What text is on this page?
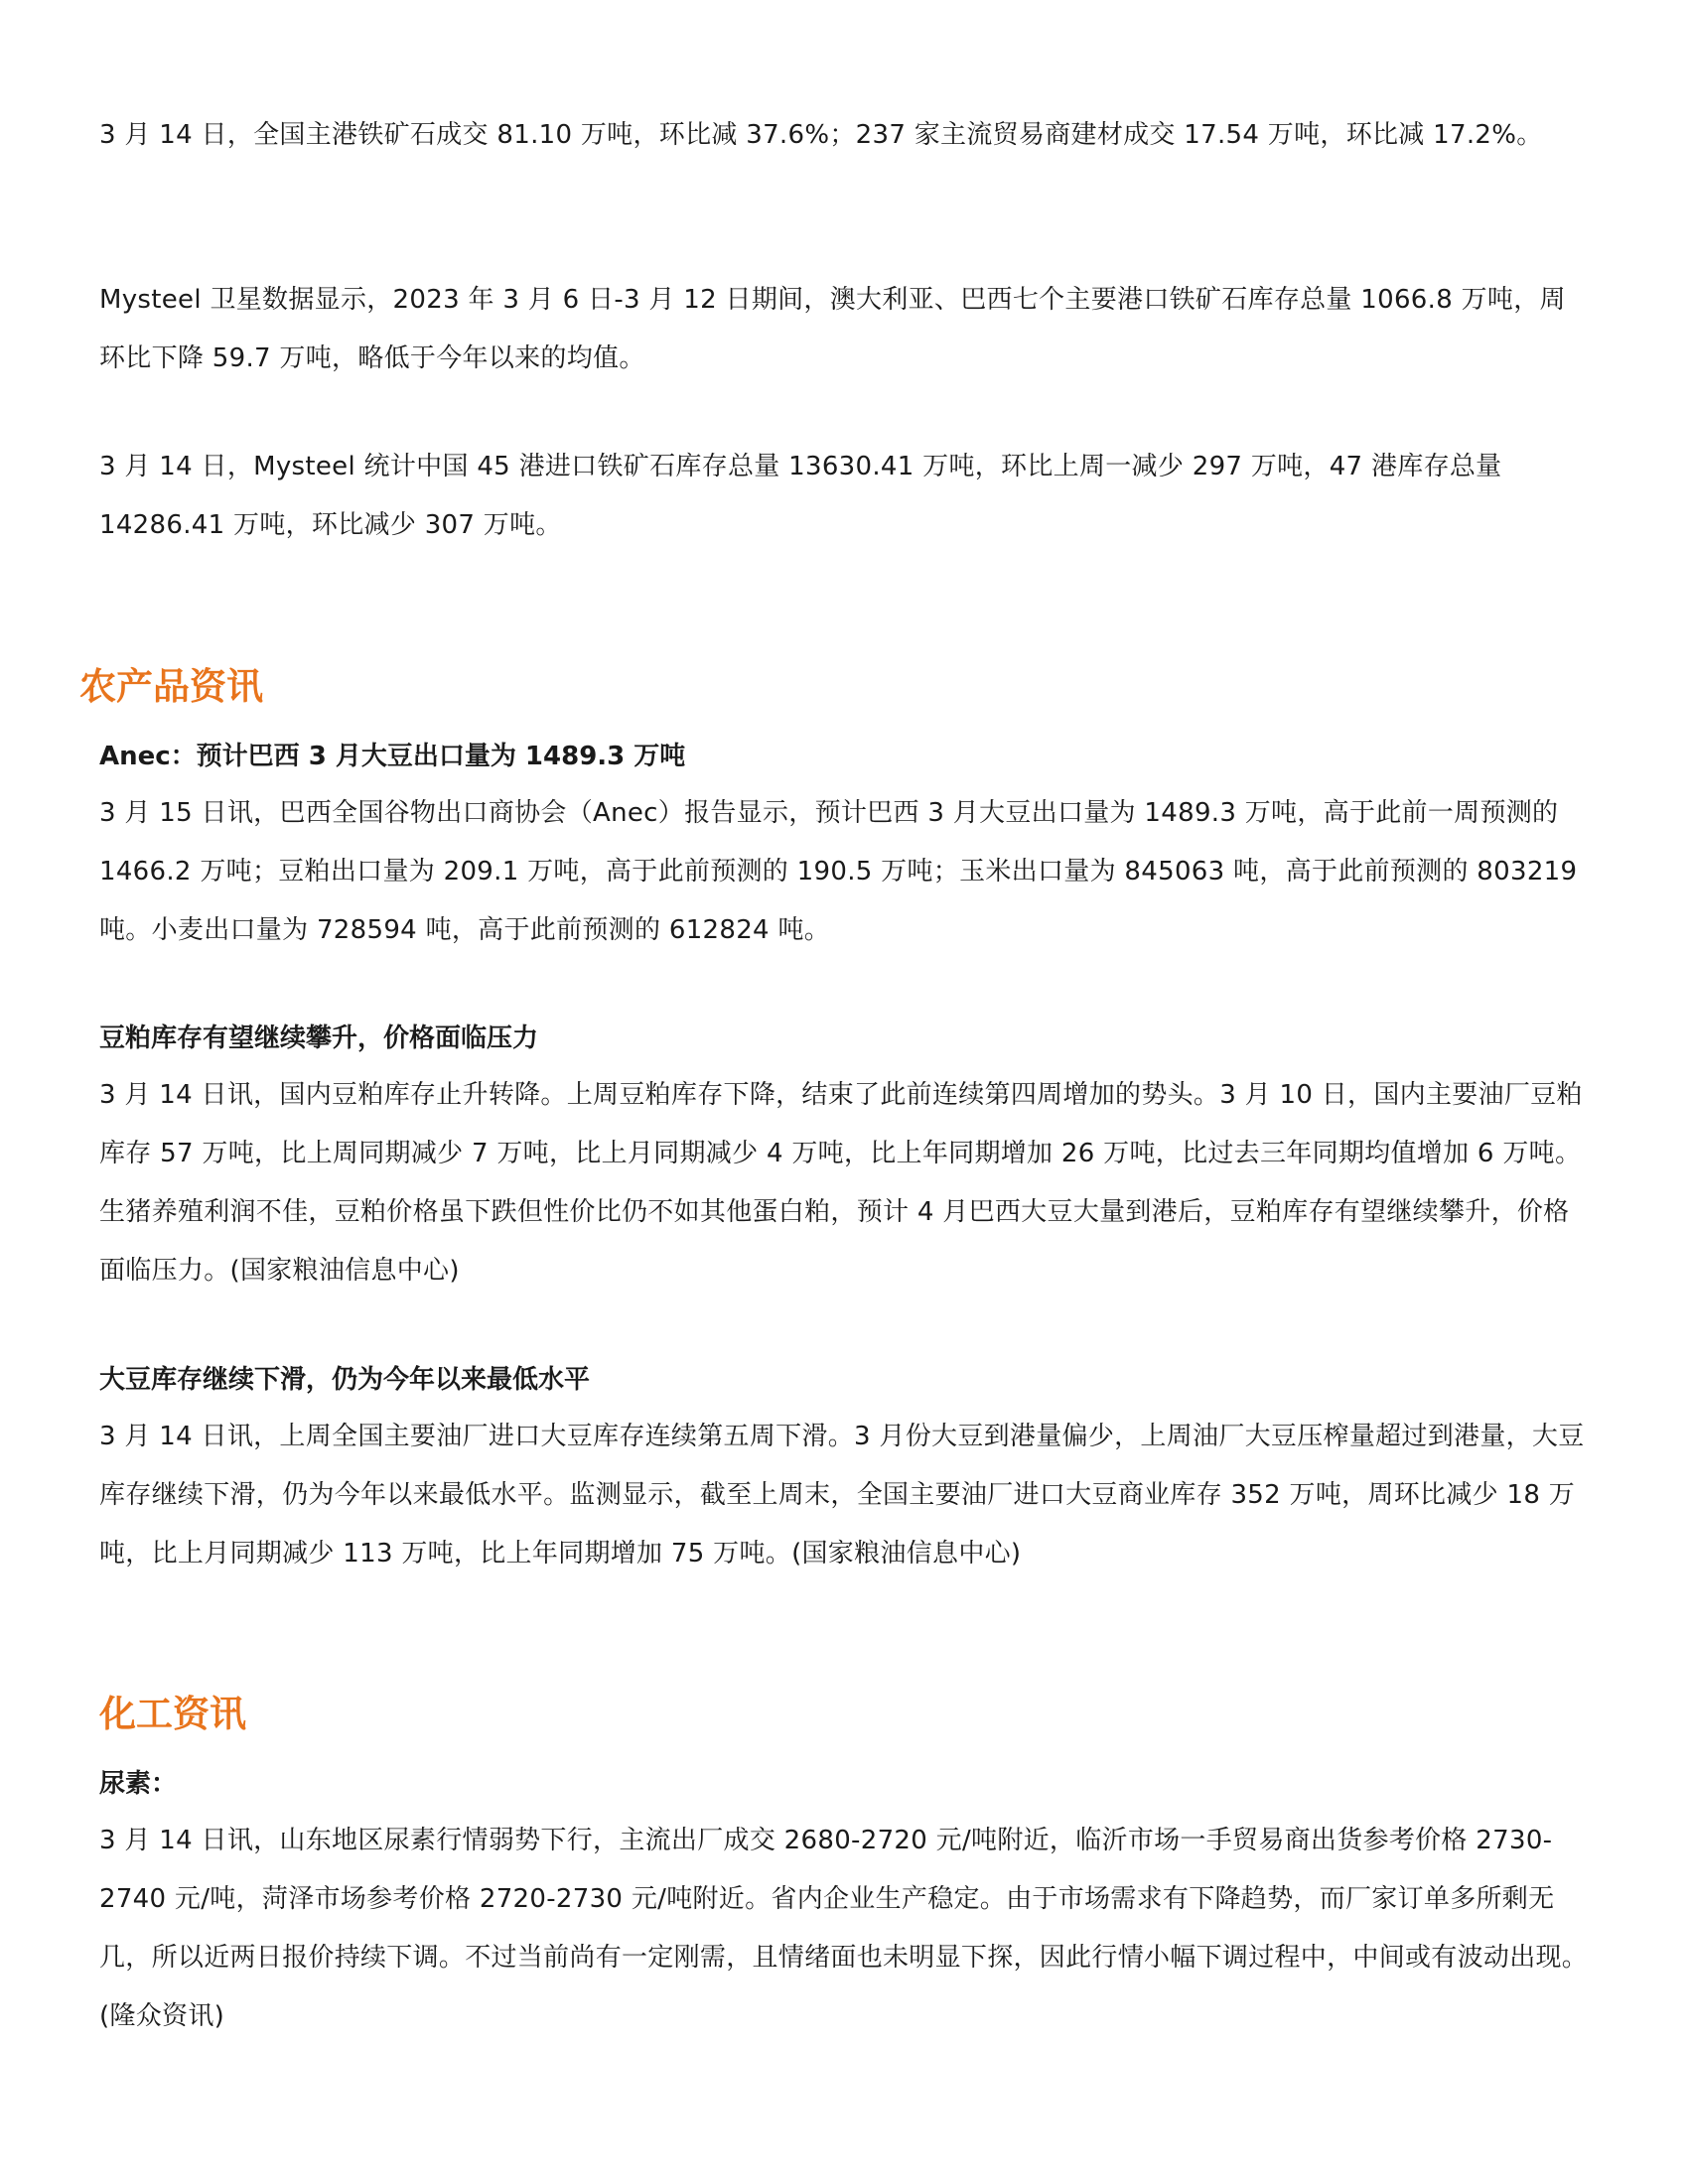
3 月 14 日，全国主港铁矿石成交 81.10 万吨，环比减 37.6%；237 家主流贸易商建材成交 17.54 万吨，环比减 17.2%。

Mysteel 卫星数据显示，2023 年 3 月 6 日-3 月 12 日期间，澳大利亚、巴西七个主要港口铁矿石库存总量 1066.8 万吨，周环比下降 59.7 万吨，略低于今年以来的均值。

3 月 14 日，Mysteel 统计中国 45 港进口铁矿石库存总量 13630.41 万吨，环比上周一减少 297 万吨，47 港库存总量 14286.41 万吨，环比减少 307 万吨。

农产品资讯
Anec：预计巴西 3 月大豆出口量为 1489.3 万吨

3 月 15 日讯，巴西全国谷物出口商协会（Anec）报告显示，预计巴西 3 月大豆出口量为 1489.3 万吨，高于此前一周预测的 1466.2 万吨；豆粕出口量为 209.1 万吨，高于此前预测的 190.5 万吨；玉米出口量为 845063 吨，高于此前预测的 803219 吨。小麦出口量为 728594 吨，高于此前预测的 612824 吨。

豆粕库存有望继续攀升，价格面临压力

3 月 14 日讯，国内豆粕库存止升转降。上周豆粕库存下降，结束了此前连续第四周增加的势头。3 月 10 日，国内主要油厂豆粕库存 57 万吨，比上周同期减少 7 万吨，比上月同期减少 4 万吨，比上年同期增加 26 万吨，比过去三年同期均值增加 6 万吨。生猪养殖利润不佳，豆粕价格虽下跌但性价比仍不如其他蛋白粕，预计 4 月巴西大豆大量到港后，豆粕库存有望继续攀升，价格面临压力。(国家粮油信息中心)

大豆库存继续下滑，仍为今年以来最低水平

3 月 14 日讯，上周全国主要油厂进口大豆库存连续第五周下滑。3 月份大豆到港量偏少，上周油厂大豆压榨量超过到港量，大豆库存继续下滑，仍为今年以来最低水平。监测显示，截至上周末，全国主要油厂进口大豆商业库存 352 万吨，周环比减少 18 万吨，比上月同期减少 113 万吨，比上年同期增加 75 万吨。(国家粮油信息中心)

化工资讯
尿素：

3 月 14 日讯，山东地区尿素行情弱势下行，主流出厂成交 2680-2720 元/吨附近，临沂市场一手贸易商出货参考价格 2730-2740 元/吨，菏泽市场参考价格 2720-2730 元/吨附近。省内企业生产稳定。由于市场需求有下降趋势，而厂家订单多所剩无几，所以近两日报价持续下调。不过当前尚有一定刚需，且情绪面也未明显下探，因此行情小幅下调过程中，中间或有波动出现。(隆众资讯)
